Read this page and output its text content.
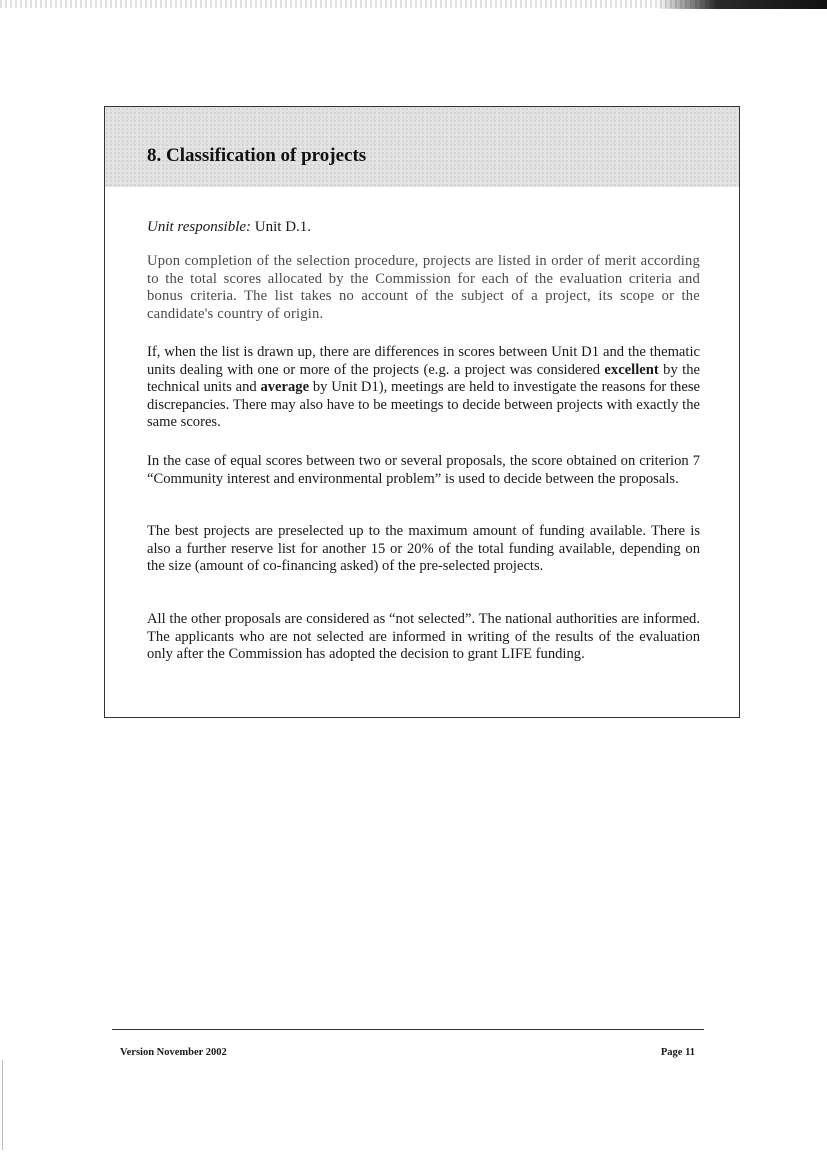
8. Classification of projects

Unit responsible: Unit D.1.

Upon completion of the selection procedure, projects are listed in order of merit according to the total scores allocated by the Commission for each of the evaluation criteria and bonus criteria. The list takes no account of the subject of a project, its scope or the candidate's country of origin.

If, when the list is drawn up, there are differences in scores between Unit D1 and the thematic units dealing with one or more of the projects (e.g. a project was considered excellent by the technical units and average by Unit D1), meetings are held to investigate the reasons for these discrepancies. There may also have to be meetings to decide between projects with exactly the same scores.

In the case of equal scores between two or several proposals, the score obtained on criterion 7 “Community interest and environmental problem” is used to decide between the proposals.

The best projects are preselected up to the maximum amount of funding available. There is also a further reserve list for another 15 or 20% of the total funding available, depending on the size (amount of co-financing asked) of the pre-selected projects.

All the other proposals are considered as “not selected”. The national authorities are informed. The applicants who are not selected are informed in writing of the results of the evaluation only after the Commission has adopted the decision to grant LIFE funding.

Version November 2002	Page 11
